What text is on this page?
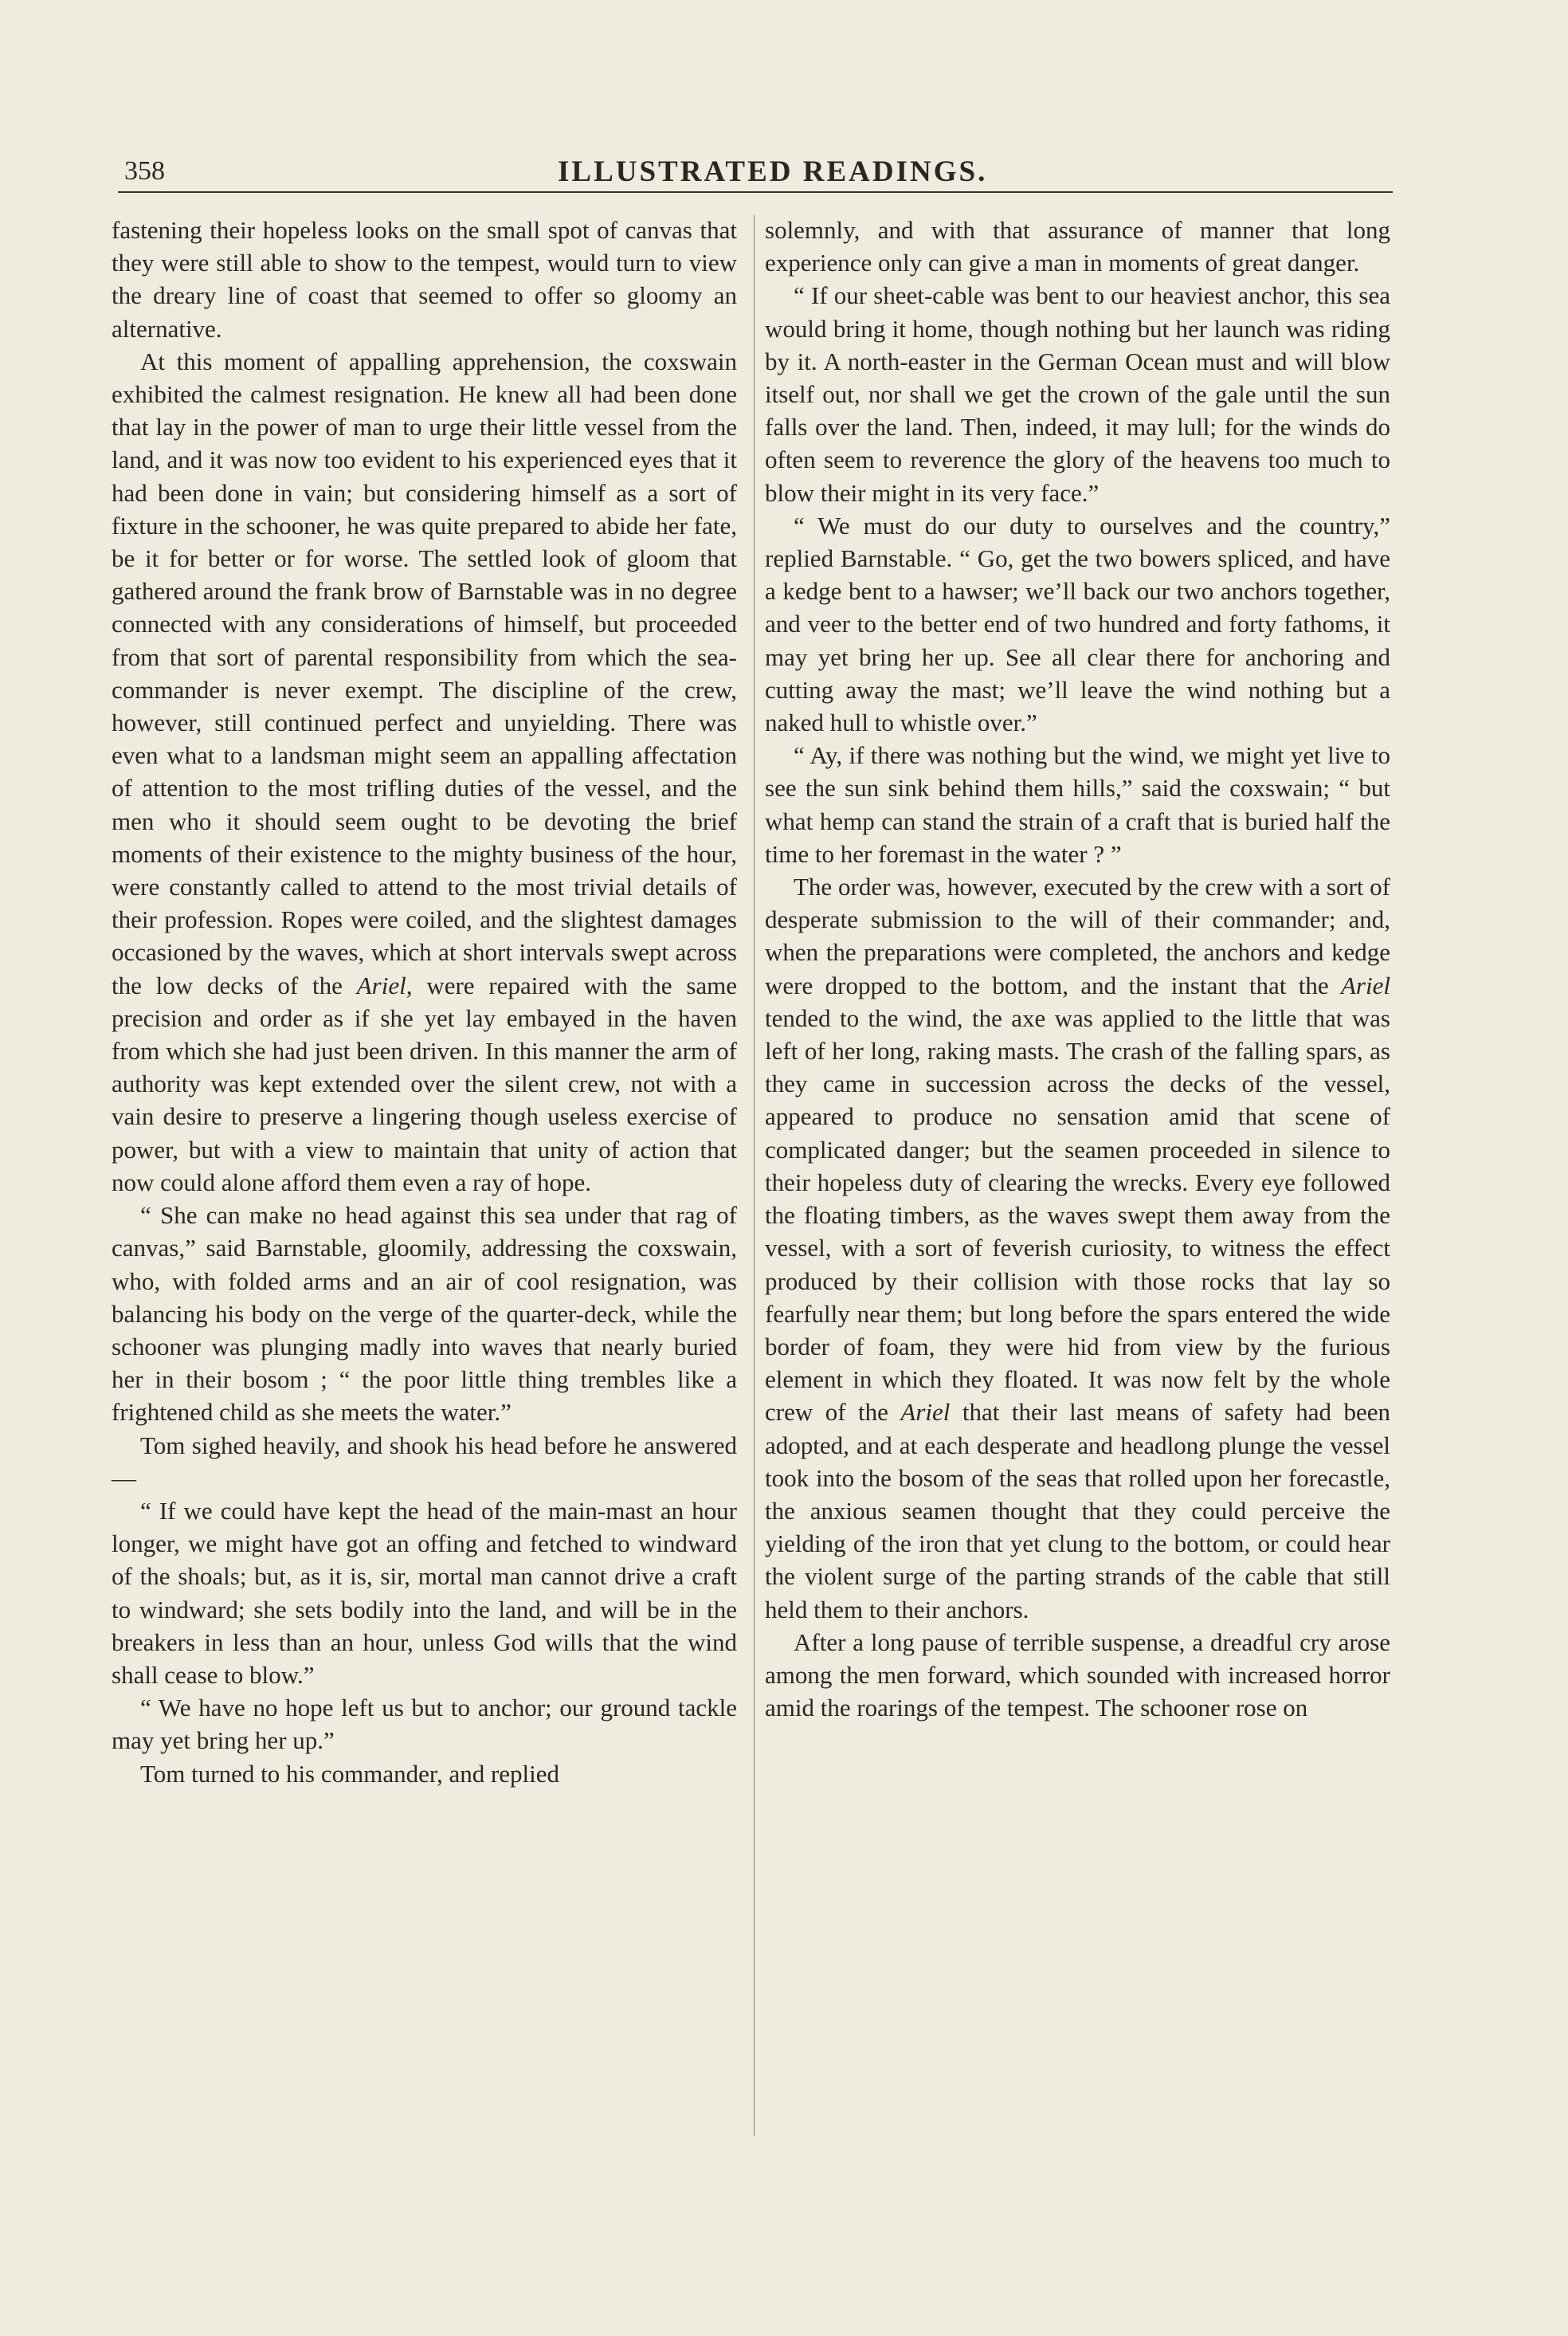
358	ILLUSTRATED READINGS.

fastening their hopeless looks on the small spot of canvas that they were still able to show to the tempest, would turn to view the dreary line of coast that seemed to offer so gloomy an alternative.

At this moment of appalling apprehension, the coxswain exhibited the calmest resignation. He knew all had been done that lay in the power of man to urge their little vessel from the land, and it was now too evident to his experienced eyes that it had been done in vain; but considering himself as a sort of fixture in the schooner, he was quite prepared to abide her fate, be it for better or for worse. The settled look of gloom that gathered around the frank brow of Barnstable was in no degree connected with any considerations of himself, but proceeded from that sort of parental responsibility from which the sea-commander is never exempt. The discipline of the crew, however, still continued perfect and unyielding. There was even what to a landsman might seem an appalling affectation of attention to the most trifling duties of the vessel, and the men who it should seem ought to be devoting the brief moments of their existence to the mighty business of the hour, were constantly called to attend to the most trivial details of their profession. Ropes were coiled, and the slightest damages occasioned by the waves, which at short intervals swept across the low decks of the Ariel, were repaired with the same precision and order as if she yet lay embayed in the haven from which she had just been driven. In this manner the arm of authority was kept extended over the silent crew, not with a vain desire to preserve a lingering though useless exercise of power, but with a view to maintain that unity of action that now could alone afford them even a ray of hope.

“ She can make no head against this sea under that rag of canvas,” said Barnstable, gloomily, addressing the coxswain, who, with folded arms and an air of cool resignation, was balancing his body on the verge of the quarter-deck, while the schooner was plunging madly into waves that nearly buried her in their bosom ; “ the poor little thing trembles like a frightened child as she meets the water.”

Tom sighed heavily, and shook his head before he answered—

“ If we could have kept the head of the main-mast an hour longer, we might have got an offing and fetched to windward of the shoals; but, as it is, sir, mortal man cannot drive a craft to windward; she sets bodily into the land, and will be in the breakers in less than an hour, unless God wills that the wind shall cease to blow.”

“ We have no hope left us but to anchor; our ground tackle may yet bring her up.”

Tom turned to his commander, and replied

solemnly, and with that assurance of manner that long experience only can give a man in moments of great danger.

“ If our sheet-cable was bent to our heaviest anchor, this sea would bring it home, though nothing but her launch was riding by it. A north-easter in the German Ocean must and will blow itself out, nor shall we get the crown of the gale until the sun falls over the land. Then, indeed, it may lull; for the winds do often seem to reverence the glory of the heavens too much to blow their might in its very face.”

“ We must do our duty to ourselves and the country,” replied Barnstable. “ Go, get the two bowers spliced, and have a kedge bent to a hawser; we’ll back our two anchors together, and veer to the better end of two hundred and forty fathoms, it may yet bring her up. See all clear there for anchoring and cutting away the mast; we’ll leave the wind nothing but a naked hull to whistle over.”

“ Ay, if there was nothing but the wind, we might yet live to see the sun sink behind them hills,” said the coxswain; “ but what hemp can stand the strain of a craft that is buried half the time to her foremast in the water ? ”

The order was, however, executed by the crew with a sort of desperate submission to the will of their commander; and, when the preparations were completed, the anchors and kedge were dropped to the bottom, and the instant that the Ariel tended to the wind, the axe was applied to the little that was left of her long, raking masts. The crash of the falling spars, as they came in succession across the decks of the vessel, appeared to produce no sensation amid that scene of complicated danger; but the seamen proceeded in silence to their hopeless duty of clearing the wrecks. Every eye followed the floating timbers, as the waves swept them away from the vessel, with a sort of feverish curiosity, to witness the effect produced by their collision with those rocks that lay so fearfully near them; but long before the spars entered the wide border of foam, they were hid from view by the furious element in which they floated. It was now felt by the whole crew of the Ariel that their last means of safety had been adopted, and at each desperate and headlong plunge the vessel took into the bosom of the seas that rolled upon her forecastle, the anxious seamen thought that they could perceive the yielding of the iron that yet clung to the bottom, or could hear the violent surge of the parting strands of the cable that still held them to their anchors.

After a long pause of terrible suspense, a dreadful cry arose among the men forward, which sounded with increased horror amid the roarings of the tempest. The schooner rose on
